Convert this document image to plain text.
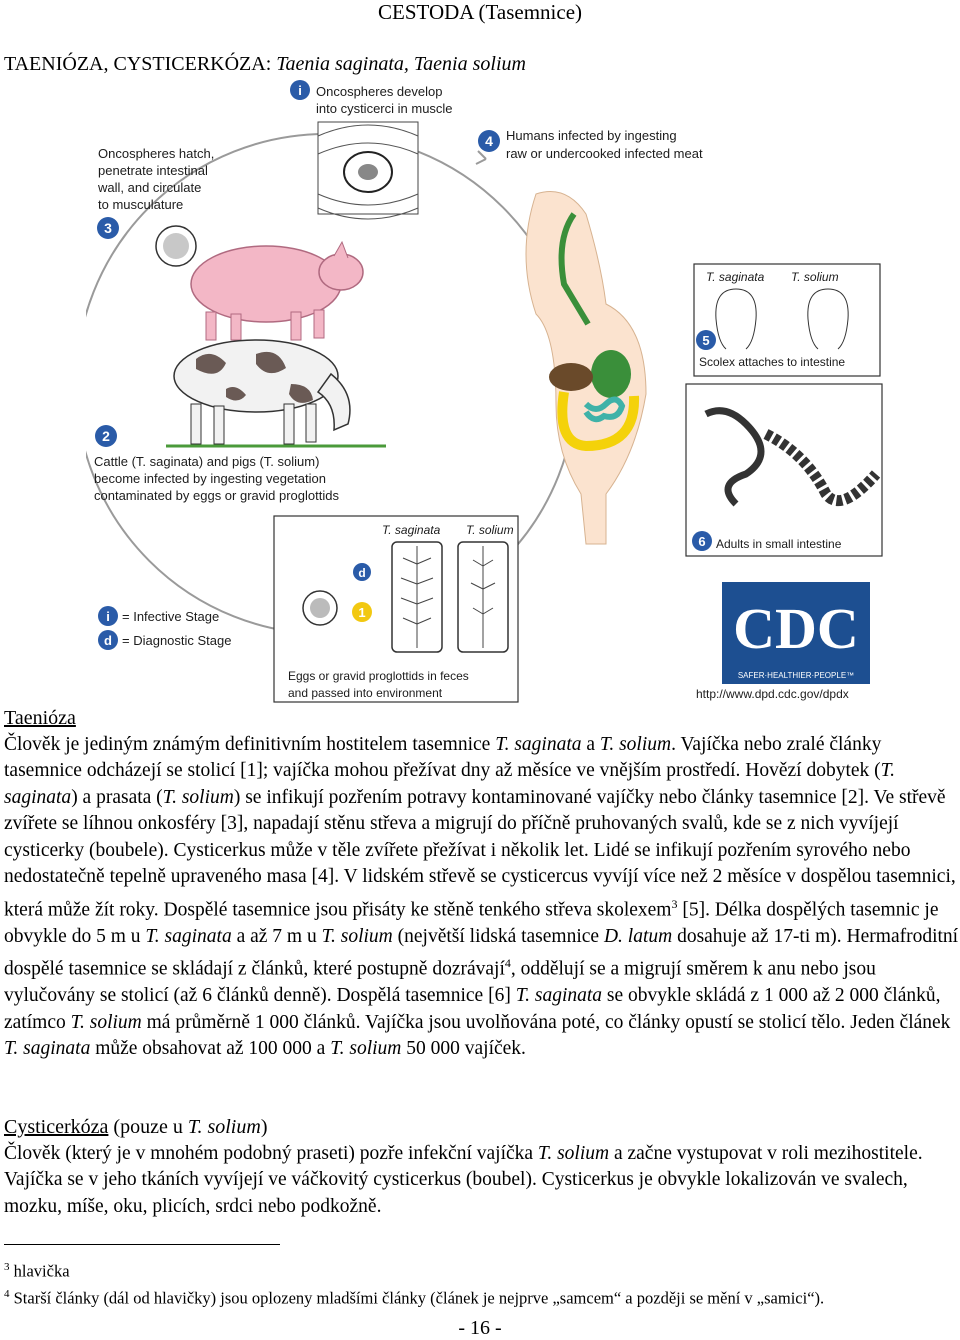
CESTODA (Tasemnice)
TAENIÓZA, CYSTICERKÓZA: Taenia saginata, Taenia solium
i Oncospheres develop
into cysticerci in muscle
4 Humans infected by ingesting
raw or undercooked infected meat
Oncospheres hatch,
penetrate intestinal
wall, and circulate
to musculature
3
2
Cattle (T. saginata) and pigs (T. solium)
become infected by ingesting vegetation
contaminated by eggs or gravid proglottids
T. saginata T. solium
5
Scolex attaches to intestine
6 Adults in small intestine
T. saginata T. solium
d
1
Eggs or gravid proglottids in feces
and passed into environment
i = Infective Stage
d = Diagnostic Stage	CDC
SAFER·HEALTHIER·PEOPLE™
http://www.dpd.cdc.gov/dpdx

Taenióza

Člověk je jediným známým definitivním hostitelem tasemnice T. saginata a T. solium. Vajíčka nebo zralé články tasemnice odcházejí se stolicí [1]; vajíčka mohou přežívat dny až měsíce ve vnějším prostředí. Hovězí dobytek (T. saginata) a prasata (T. solium) se infikují pozřením potravy kontaminované vajíčky nebo články tasemnice [2]. Ve střevě zvířete se líhnou onkosféry [3], napadají stěnu střeva a migrují do příčně pruhovaných svalů, kde se z nich vyvíjejí cysticerky (boubele). Cysticerkus může v těle zvířete přežívat i několik let. Lidé se infikují pozřením syrového nebo nedostatečně tepelně upraveného masa [4]. V lidském střevě se cysticercus vyvíjí více než 2 měsíce v dospělou tasemnici, která může žít roky. Dospělé tasemnice jsou přisáty ke stěně tenkého střeva skolexem$^3$ [5]. Délka dospělých tasemnic je obvykle do 5 m u T. saginata a až 7 m u T. solium (největší lidská tasemnice D. latum dosahuje až 17-ti m). Hermafroditní dospělé tasemnice se skládají z článků, které postupně dozrávají$^4$, oddělují se a migrují směrem k anu nebo jsou vylučovány se stolicí (až 6 článků denně). Dospělá tasemnice [6] T. saginata se obvykle skládá z 1 000 až 2 000 článků, zatímco T. solium má průměrně 1 000 článků. Vajíčka jsou uvolňována poté, co články opustí se stolicí tělo. Jeden článek T. saginata může obsahovat až 100 000 a T. solium 50 000 vajíček.

Cysticerkóza (pouze u T. solium)

Člověk (který je v mnohém podobný praseti) pozře infekční vajíčka T. solium a začne vystupovat v roli mezihostitele. Vajíčka se v jeho tkáních vyvíjejí ve váčkovitý cysticerkus (boubel). Cysticerkus je obvykle lokalizován ve svalech, mozku, míše, oku, plicích, srdci nebo podkožně.

$^3$ hlavička
$^4$ Starší články (dál od hlavičky) jsou oplozeny mladšími články (článek je nejprve „samcem“ a později se mění v „samici“).
- 16 -
